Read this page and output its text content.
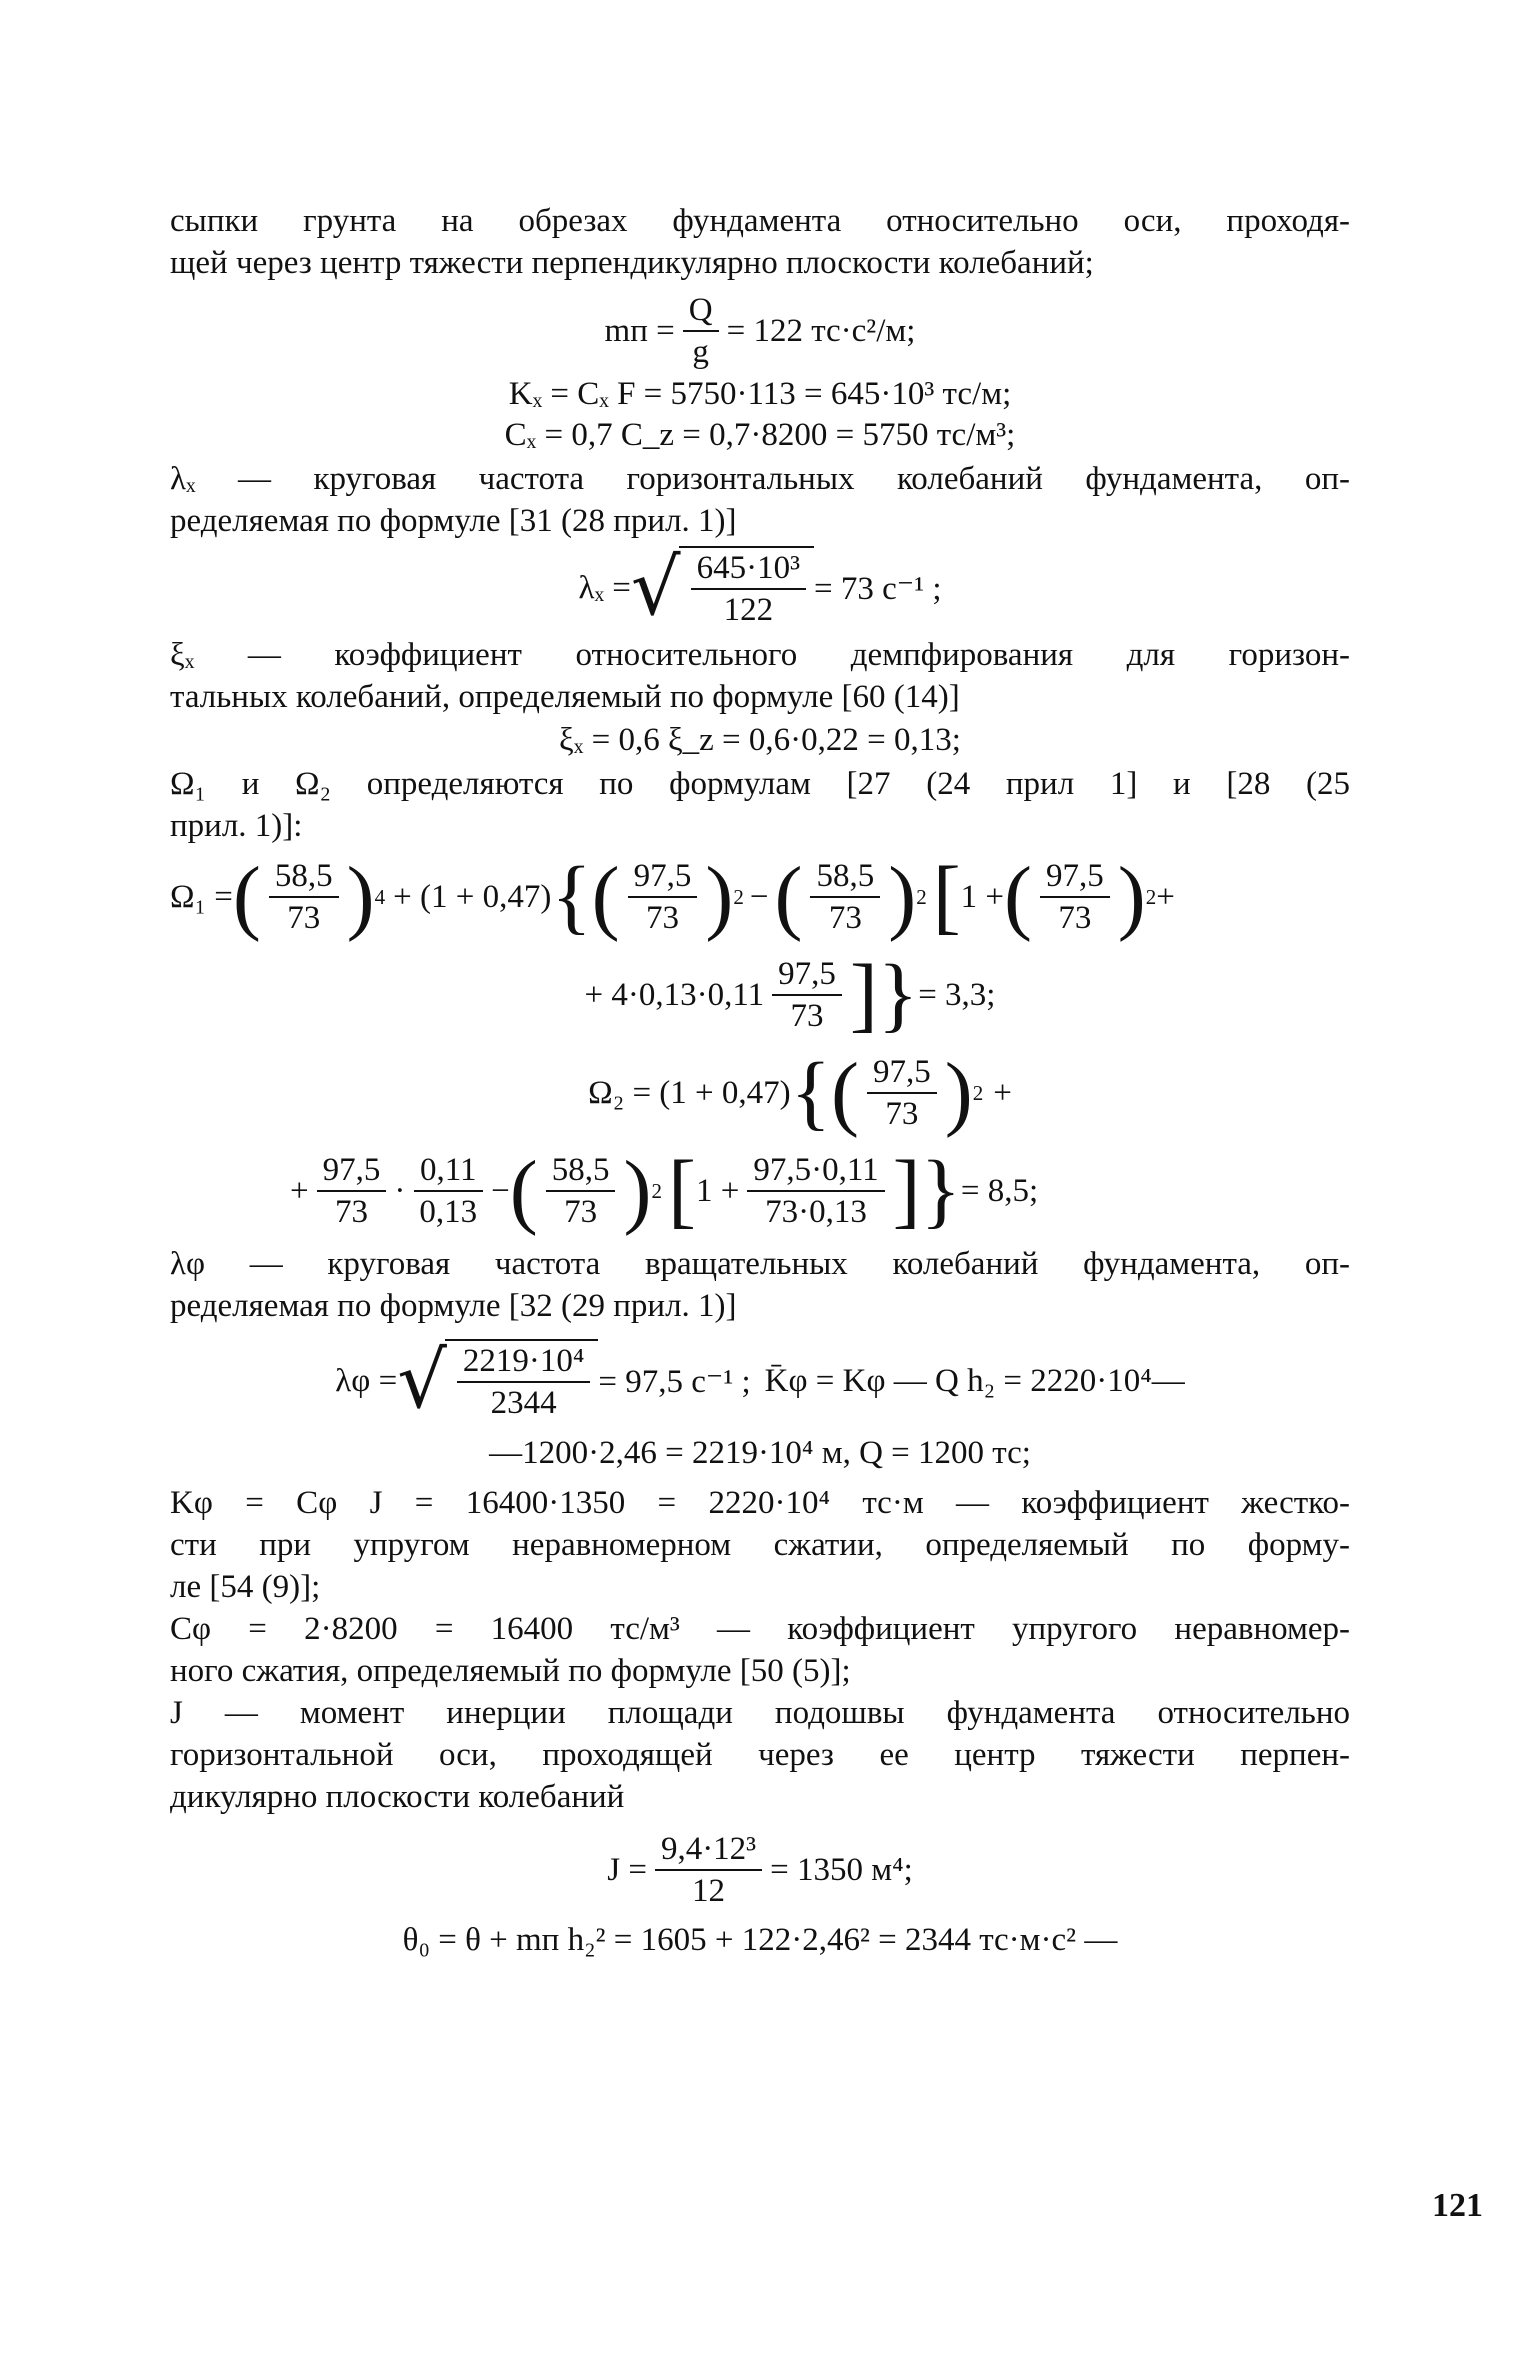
сыпки грунта на обрезах фундамента относительно оси, проходя-

щей через центр тяжести перпендикулярно плоскости колебаний;

mп = $\frac{Q}{g} = 122$ тс·с²/м;
Kₓ = Cₓ F = 5750·113 = 645·10³ тс/м;
Cₓ = 0,7 C_z = 0,7·8200 = 5750 тс/м³;

λₓ — круговая частота горизонтальных колебаний фундамента, оп-

ределяемая по формуле [31 (28 прил. 1)]

λₓ = √ $\frac{\text{645·10³}}{122} = 73$ с⁻¹ ;

ξₓ — коэффициент относительного демпфирования для горизон-

тальных колебаний, определяемый по формуле [60 (14)]

ξₓ = 0,6 ξ_z = 0,6·0,22 = 0,13;

Ω₁ и Ω₂ определяются по формулам [27 (24 прил 1] и [28 (25

прил. 1)]:

Ω₁ = ( $\frac{58,5}{73}$ ) 4 + (1 + 0,47) {( $\frac{97,5}{73}$ ) 2 − ( $\frac{58,5}{73}$ ) 2 [ 1 + ( $\frac{97,5}{73}$ ) 2 +
+ $4\cdot 0,13\cdot 0,11 \frac{97,5}{73}$ ]} = 3,3;
Ω₂ = (1 + 0,47) {( $\frac{97,5}{73}$ ) 2 +
+ $\frac{97,5}{73} \cdot \frac{0,11}{0,13}$ − ( $\frac{58,5}{73}$ ) 2 [ $1 + \frac{97,5\cdot 0,11}{73\cdot 0,13}$ ]} = 8,5;

λφ — круговая частота вращательных колебаний фундамента, оп-

ределяемая по формуле [32 (29 прил. 1)]

λφ = √ $\frac{\text{2219·10⁴}}{2344} = 97,5$ с⁻¹ ; K̄φ = Kφ — Q h₂ = 2220·10⁴—
—1200·2,46 = 2219·10⁴ м, Q = 1200 тс;

Kφ = Cφ J = 16400·1350 = 2220·10⁴ тс·м — коэффициент жестко-

сти при упругом неравномерном сжатии, определяемый по форму-

ле [54 (9)];

Cφ = 2·8200 = 16400 тс/м³ — коэффициент упругого неравномер-

ного сжатия, определяемый по формуле [50 (5)];

J — момент инерции площади подошвы фундамента относительно

горизонтальной оси, проходящей через ее центр тяжести перпен-

дикулярно плоскости колебаний

$J = \frac{\text{9,4·12³}}{12} = 1350$ м⁴;
θ₀ = θ + mп h₂² = 1605 + 122·2,46² = 2344 тс·м·с² —
121
